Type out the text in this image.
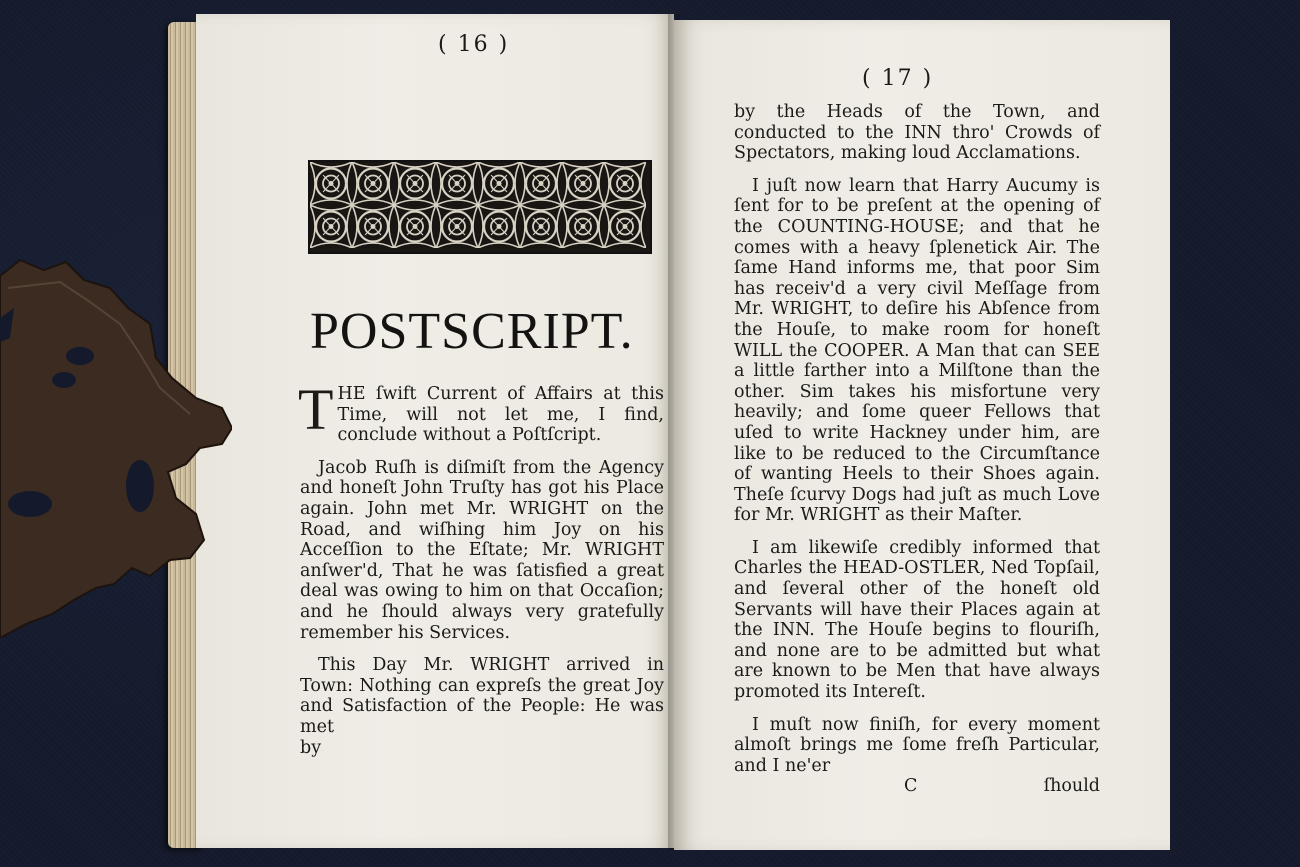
( 16 )
POSTSCRIPT.

THE ſwift Current of Affairs at this Time, will not let me, I find, conclude without a Poſtſcript.

Jacob Ruſh is diſmiſt from the Agency and honeſt John Truſty has got his Place again. John met Mr. WRIGHT on the Road, and wiſhing him Joy on his Acceſſion to the Eſtate; Mr. WRIGHT anſwer'd, That he was ſatisfied a great deal was owing to him on that Occaſion; and he ſhould always very gratefully remember his Services.

This Day Mr. WRIGHT arrived in Town: Nothing can expreſs the great Joy and Satisfaction of the People: He was met

by

( 17 )

by the Heads of the Town, and conducted to the INN thro' Crowds of Spectators, making loud Acclamations.

I juſt now learn that Harry Aucumy is ſent for to be preſent at the opening of the COUNTING-HOUSE; and that he comes with a heavy ſplenetick Air. The ſame Hand informs me, that poor Sim has receiv'd a very civil Meſſage from Mr. WRIGHT, to deſire his Abſence from the Houſe, to make room for honeſt WILL the COOPER. A Man that can SEE a little farther into a Milſtone than the other. Sim takes his misfortune very heavily; and ſome queer Fellows that uſed to write Hackney under him, are like to be reduced to the Circumſtance of wanting Heels to their Shoes again. Theſe ſcurvy Dogs had juſt as much Love for Mr. WRIGHT as their Maſter.

I am likewiſe credibly informed that Charles the HEAD-OSTLER, Ned Topſail, and ſeveral other of the honeſt old Servants will have their Places again at the INN. The Houſe begins to flouriſh, and none are to be admitted but what are known to be Men that have always promoted its Intereſt.

I muſt now finiſh, for every moment almoſt brings me ſome freſh Particular, and I ne'er

C	ſhould
